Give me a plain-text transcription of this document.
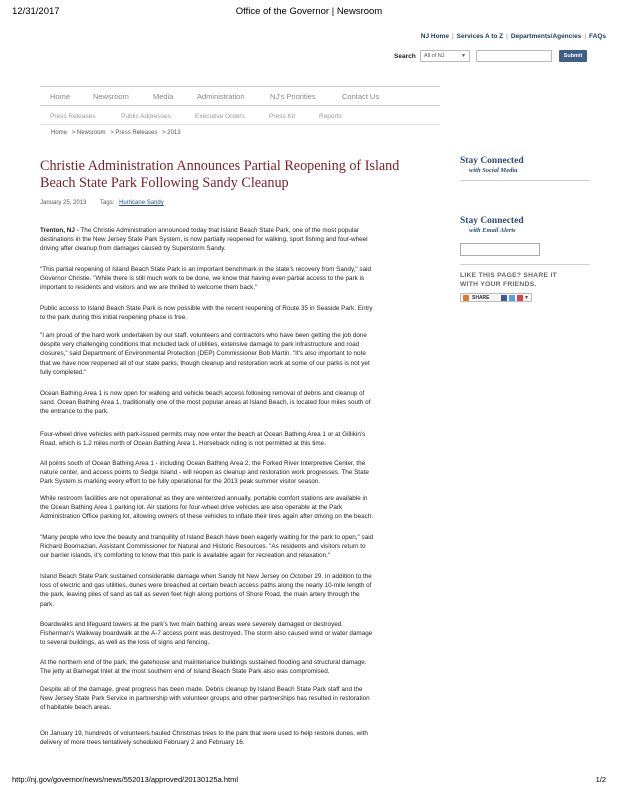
12/31/2017	Office of the Governor | Newsroom
NJ Home | Services A to Z | Departments/Agencies | FAQs
Search	All of NJ	▼	Submit
Home	Newsroom	Media	Administration	NJ's Priorities	Contact Us
Press Releases	Public Addresses	Executive Orders	Press Kit	Reports
Home > Newsroom > Press Releases > 2013
Christie Administration Announces Partial Reopening of Island
Beach State Park Following Sandy Cleanup
January 25, 2013 Tags: Hurricane Sandy
Trenton, NJ - The Christie Administration announced today that Island Beach State Park, one of the most popular
destinations in the New Jersey State Park System, is now partially reopened for walking, sport fishing and four-wheel
driving after cleanup from damages caused by Superstorm Sandy.
"This partial reopening of Island Beach State Park is an important benchmark in the state's recovery from Sandy," said
Governor Christie. "While there is still much work to be done, we know that having even partial access to the park is
important to residents and visitors and we are thrilled to welcome them back."
Public access to Island Beach State Park is now possible with the recent reopening of Route 35 in Seaside Park. Entry
to the park during this initial reopening phase is free.
"I am proud of the hard work undertaken by our staff, volunteers and contractors who have been getting the job done
despite very challenging conditions that included lack of utilities, extensive damage to park infrastructure and road
closures," said Department of Environmental Protection (DEP) Commissioner Bob Martin. "It's also important to note
that we have now reopened all of our state parks, though cleanup and restoration work at some of our parks is not yet
fully completed."
Ocean Bathing Area 1 is now open for walking and vehicle beach access following removal of debris and cleanup of
sand. Ocean Bathing Area 1, traditionally one of the most popular areas at Island Beach, is located four miles south of
the entrance to the park.
Four-wheel drive vehicles with park-issued permits may now enter the beach at Ocean Bathing Area 1 or at Gillikin's
Road, which is 1.2 miles north of Ocean Bathing Area 1. Horseback riding is not permitted at this time.
All points south of Ocean Bathing Area 1 - including Ocean Bathing Area 2, the Forked River Interpretive Center, the
nature center, and access points to Sedge Island - will reopen as cleanup and restoration work progresses. The State
Park System is marking every effort to be fully operational for the 2013 peak summer visitor season.
While restroom facilities are not operational as they are winterized annually, portable comfort stations are available in
the Ocean Bathing Area 1 parking lot. Air stations for four-wheel drive vehicles are also operable at the Park
Administration Office parking lot, allowing owners of these vehicles to inflate their tires again after driving on the beach.
"Many people who love the beauty and tranquility of Island Beach have been eagerly waiting for the park to open," said
Richard Boornazian, Assistant Commissioner for Natural and Historic Resources. "As residents and visitors return to
our barrier islands, it's comforting to know that this park is available again for recreation and relaxation."
Island Beach State Park sustained considerable damage when Sandy hit New Jersey on October 29. In addition to the
loss of electric and gas utilities, dunes were breached at certain beach access paths along the nearly 10-mile length of
the park, leaving piles of sand as tall as seven feet high along portions of Shore Road, the main artery through the
park.
Boardwalks and lifeguard towers at the park's two main bathing areas were severely damaged or destroyed.
Fisherman's Walkway boardwalk at the A-7 access point was destroyed. The storm also caused wind or water damage
to several buildings, as well as the loss of signs and fencing.
At the northern end of the park, the gatehouse and maintenance buildings sustained flooding and structural damage.
The jetty at Barnegat Inlet at the most southern end of Island Beach State Park also was compromised.
Despite all of the damage, great progress has been made. Debris cleanup by Island Beach State Park staff and the
New Jersey State Park Service in partnership with volunteer groups and other partnerships has resulted in restoration
of habitable beach areas.
On January 19, hundreds of volunteers hauled Christmas trees to the park that were used to help restore dunes, with
delivery of more trees tentatively scheduled February 2 and February 16.
Stay Connected
with Social Media
Stay Connected
with Email Alerts
LIKE THIS PAGE? SHARE IT
WITH YOUR FRIENDS.
SHARE	▾
http://nj.gov/governor/news/news/552013/approved/20130125a.html	1/2
